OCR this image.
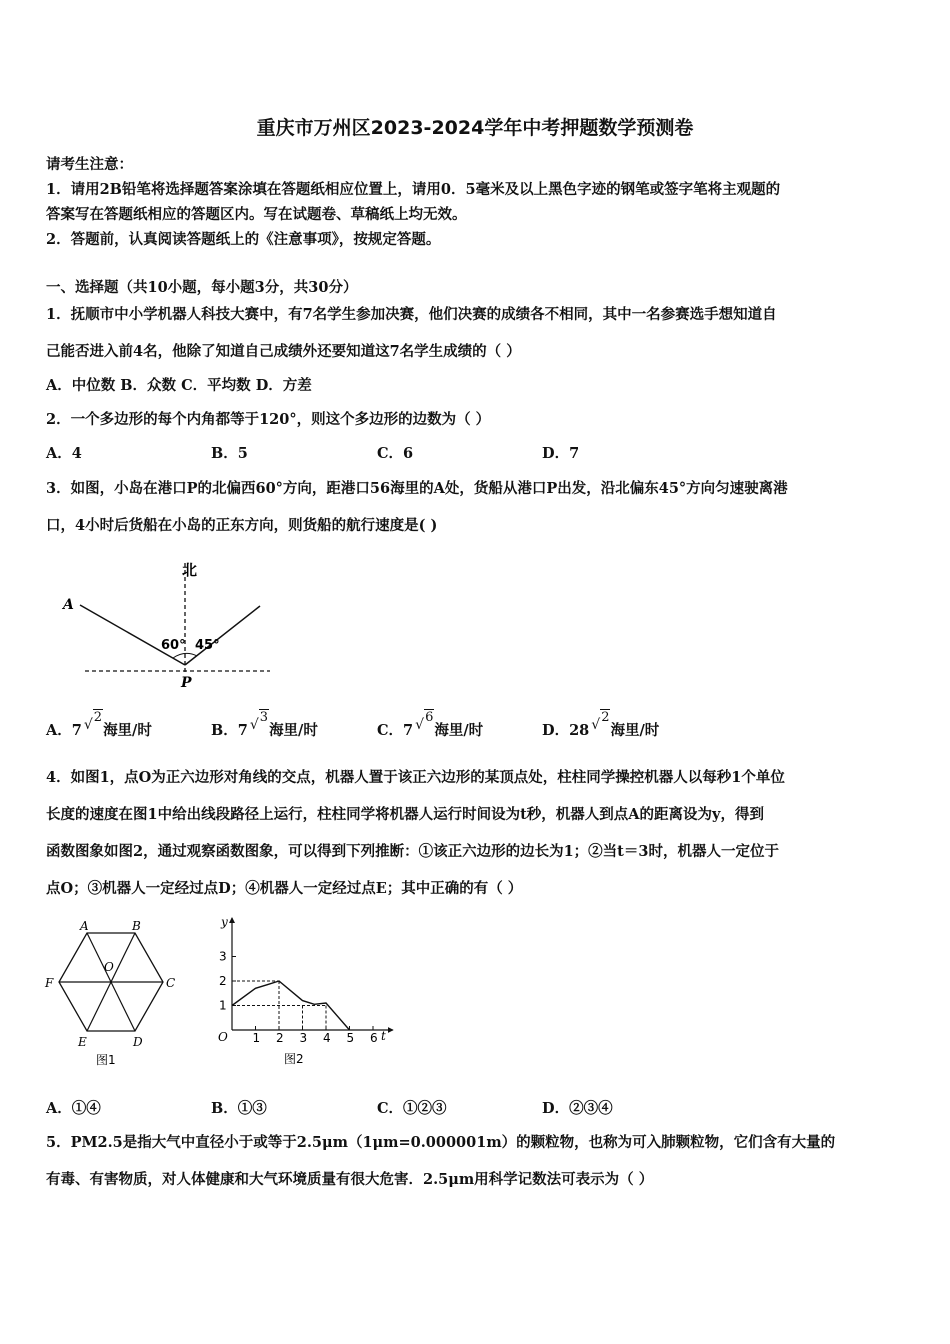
重庆市万州区2023-2024学年中考押题数学预测卷
请考生注意：
1．请用2B铅笔将选择题答案涂填在答题纸相应位置上，请用0．5毫米及以上黑色字迹的钢笔或签字笔将主观题的
答案写在答题纸相应的答题区内。写在试题卷、草稿纸上均无效。
2．答题前，认真阅读答题纸上的《注意事项》，按规定答题。
一、选择题（共10小题，每小题3分，共30分）
1．抚顺市中小学机器人科技大赛中，有7名学生参加决赛，他们决赛的成绩各不相同，其中一名参赛选手想知道自
己能否进入前4名，他除了知道自己成绩外还要知道这7名学生成绩的（ ）
A．中位数 B．众数 C．平均数 D．方差
2．一个多边形的每个内角都等于120°，则这个多边形的边数为（ ）
A．4	B．5	C．6	D．7
3．如图，小岛在港口P的北偏西60°方向，距港口56海里的A处，货船从港口P出发，沿北偏东45°方向匀速驶离港
口，4小时后货船在小岛的正东方向，则货船的航行速度是( )
北
A
P
60° 45°
A．7 √2海里/时	B．7 √3海里/时	C．7 √6海里/时	D．28 √2海里/时
4．如图1，点O为正六边形对角线的交点，机器人置于该正六边形的某顶点处，柱柱同学操控机器人以每秒1个单位
长度的速度在图1中给出线段路径上运行，柱柱同学将机器人运行时间设为t秒，机器人到点A的距离设为y，得到
函数图象如图2，通过观察函数图象，可以得到下列推断：①该正六边形的边长为1；②当t＝3时，机器人一定位于
点O；③机器人一定经过点D；④机器人一定经过点E；其中正确的有（ ）
A	B
C
D
E
F
O
图1
1 2 3 4 5 6
1
2
3
y
t
O
图2
A．①④	B．①③	C．①②③	D．②③④
5．PM2.5是指大气中直径小于或等于2.5μm（1μm=0.000001m）的颗粒物，也称为可入肺颗粒物，它们含有大量的
有毒、有害物质，对人体健康和大气环境质量有很大危害．2.5μm用科学记数法可表示为（ ）
